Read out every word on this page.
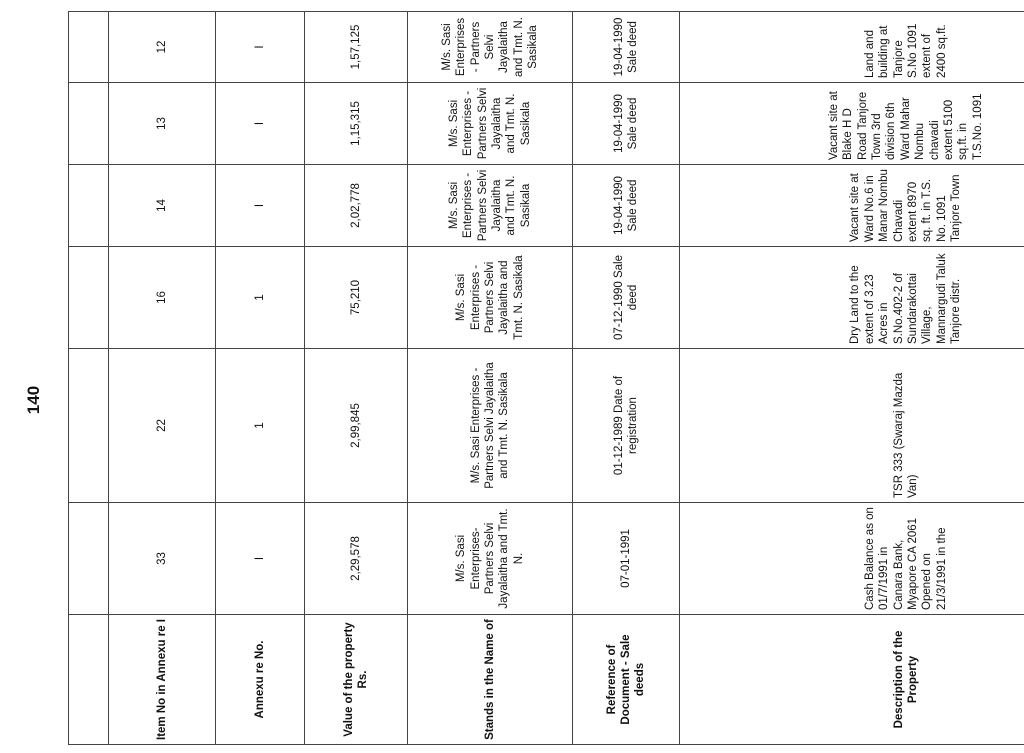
140

Item No in Annexu re I	33	22	16	14	13	12		
Annexu re No.	I	1	1	I	I	I		
Value of the property Rs.	2,29,578	2,99,845	75,210	2,02,778	1,15,315	1,57,125		
Stands in the Name of	M/s. Sasi Enterprises- Partners Selvi Jayalaitha and Tmt. N.	M/s. Sasi Enterprises - Partners Selvi Jayalaitha and Tmt. N. Sasikala	M/s. Sasi Enterprises - Partners Selvi Jayalaitha and Tmt. N. Sasikala	M/s. Sasi Enterprises - Partners Selvi Jayalaitha and Tmt. N. Sasikala	M/s. Sasi Enterprises - Partners Selvi Jayalaitha and Tmt. N. Sasikala	M/s. Sasi Enterprises - Partners Selvi Jayalaitha and Tmt. N. Sasikala		
Reference of Document - Sale deeds	07-01-1991	01-12-1989 Date of registration	07-12-1990 Sale deed	19-04-1990 Sale deed	19-04-1990 Sale deed	19-04-1990 Sale deed		
Description of the Property	Cash Balance as on 01/7/1991 in Canara Bank, Myapore CA 2061 Opened on 21/3/1991 in the	TSR 333 (Swaraj Mazda Van)	Dry Land to the extent of 3.23 Acres in S.No.402-2 of Sundarakottai Village, Mannargudi Taluk Tanjore distr.	Vacant site at Ward No.6 in Manar Nombu Chavadi extent 8970 sq. ft. in T.S. No. 1091 Tanjore Town	Vacant site at Blake H D Road Tanjore Town 3rd division 6th Ward Mahar Nombu chavadi extent 5100 sq.ft. in T.S.No. 1091	Land and building at Tanjore S.No 1091 extent of 2400 sq.ft.		
